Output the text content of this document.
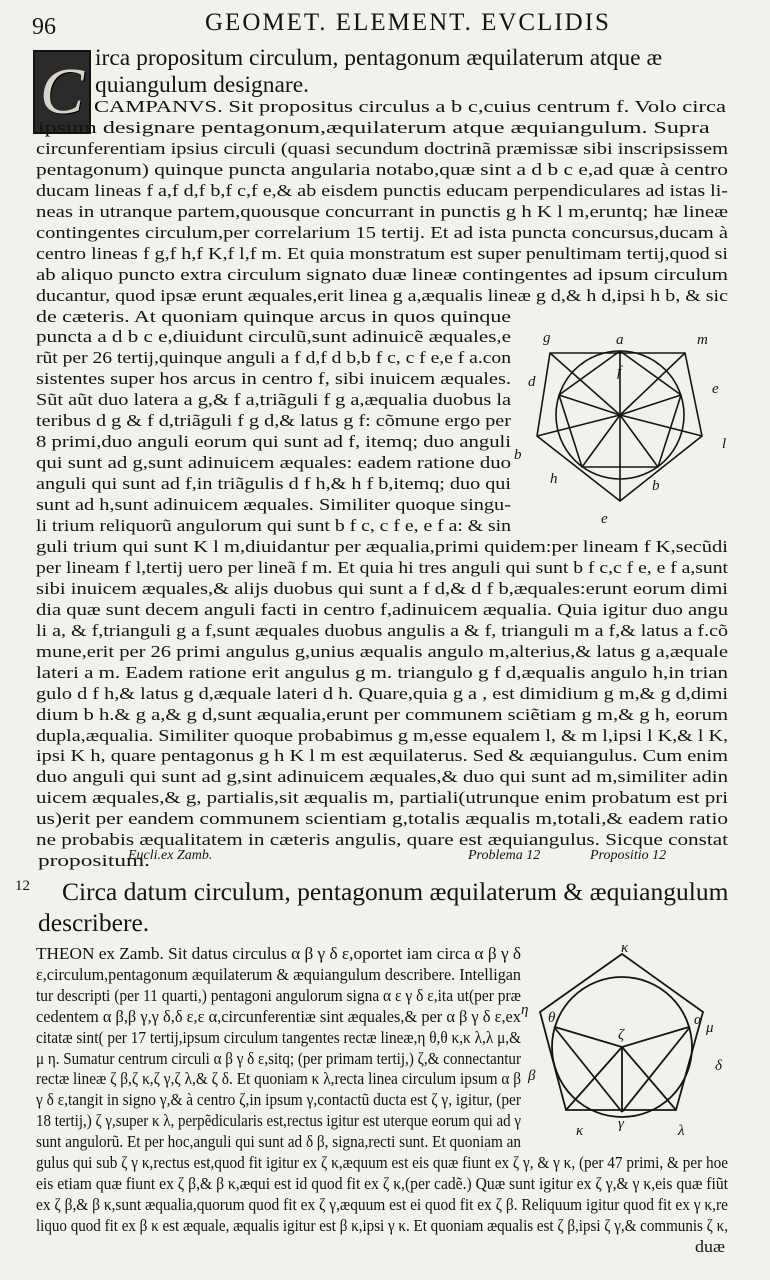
96	GEOMET. ELEMENT. EVCLIDIS
C irca propositum circulum, pentagonum æquilaterum atque æ
quiangulum designare.
CAMPANVS. Sit propositus circulus a b c,cuius centrum f. Volo circa
ipsum designare pentagonum,æquilaterum atque æquiangulum. Supra
circunferentiam ipsius circuli (quasi secundum doctrinã præmissæ sibi inscripsissem
pentagonum) quinque puncta angularia notabo,quæ sint a d b c e,ad quæ à centro
ducam lineas f a,f d,f b,f c,f e,& ab eisdem punctis educam perpendiculares ad istas li-
neas in utranque partem,quousque concurrant in punctis g h K l m,eruntq; hæ lineæ
contingentes circulum,per correlarium 15 tertij. Et ad ista puncta concursus,ducam à
centro lineas f g,f h,f K,f l,f m. Et quia monstratum est super penultimam tertij,quod si
ab aliquo puncto extra circulum signato duæ lineæ contingentes ad ipsum circulum
ducantur, quod ipsæ erunt æquales,erit linea g a,æqualis lineæ g d,& h d,ipsi h b, & sic
de cæteris. At quoniam quinque arcus in quos quinque
puncta a d b c e,diuidunt circulũ,sunt adinuicẽ æquales,e
rũt per 26 tertij,quinque anguli a f d,f d b,b f c, c f e,e f a.con
sistentes super hos arcus in centro f, sibi inuicem æquales.
Sũt aũt duo latera a g,& f a,triãguli f g a,æqualia duobus la
teribus d g & f d,triãguli f g d,& latus g f: cõmune ergo per
8 primi,duo anguli eorum qui sunt ad f, itemq; duo anguli
qui sunt ad g,sunt adinuicem æquales: eadem ratione duo
anguli qui sunt ad f,in triãgulis d f h,& h f b,itemq; duo qui
sunt ad h,sunt adinuicem æquales. Similiter quoque singu-
li trium reliquorũ angulorum qui sunt b f c, c f e, e f a: & sin
guli trium qui sunt K l m,diuidantur per æqualia,primi quidem:per lineam f K,secũdi
per lineam f l,tertij uero per lineã f m. Et quia hi tres anguli qui sunt b f c,c f e, e f a,sunt
sibi inuicem æquales,& alijs duobus qui sunt a f d,& d f b,æquales:erunt eorum dimi
dia quæ sunt decem anguli facti in centro f,adinuicem æqualia. Quia igitur duo angu
li a, & f,trianguli g a f,sunt æquales duobus angulis a & f, trianguli m a f,& latus a f.cõ
mune,erit per 26 primi angulus g,unius æqualis angulo m,alterius,& latus g a,æquale
lateri a m. Eadem ratione erit angulus g m. triangulo g f d,æqualis angulo h,in trian
gulo d f h,& latus g d,æquale lateri d h. Quare,quia g a , est dimidium g m,& g d,dimi
dium b h.& g a,& g d,sunt æqualia,erunt per communem sciẽtiam g m,& g h, eorum
dupla,æqualia. Similiter quoque probabimus g m,esse equalem l, & m l,ipsi l K,& l K,
ipsi K h, quare pentagonus g h K l m est æquilaterus. Sed & æquiangulus. Cum enim
duo anguli qui sunt ad g,sint adinuicem æquales,& duo qui sunt ad m,similiter adin
uicem æquales,& g, partialis,sit æqualis m, partiali(utrunque enim probatum est pri
us)erit per eandem communem scientiam g,totalis æqualis m,totali,& eadem ratio
ne probabis æqualitatem in cæteris angulis, quare est æquiangulus. Sicque constat
propositum.
a	m
g
f
d	e
l
b
h	b
e
Problema 12
Eucli.ex Zamb.	Propositio 12
12 Circa datum circulum, pentagonum æquilaterum & æquiangulum
describere.
THEON ex Zamb. Sit datus circulus α β γ δ ε,oportet iam circa α β γ δ
ε,circulum,pentagonum æquilaterum & æquiangulum describere. Intelligan
tur descripti (per 11 quarti,) pentagoni angulorum signa α ε γ δ ε,ita ut(per præ
cedentem α β,β γ,γ δ,δ ε,ε α,circunferentiæ sint æquales,& per α β γ δ ε,ex
citatæ sint( per 17 tertij,ipsum circulum tangentes rectæ lineæ,η θ,θ κ,κ λ,λ μ,&
μ η. Sumatur centrum circuli α β γ δ ε,sitq; (per primam tertij,) ζ,& connectantur
rectæ lineæ ζ β,ζ κ,ζ γ,ζ λ,& ζ δ. Et quoniam κ λ,recta linea circulum ipsum α β
γ δ ε,tangit in signo γ,& à centro ζ,in ipsum γ,contactũ ducta est ζ γ, igitur, (per
18 tertij,) ζ γ,super κ λ, perpẽdicularis est,rectus igitur est uterque eorum qui ad γ
sunt angulorũ. Et per hoc,anguli qui sunt ad δ β, signa,recti sunt. Et quoniam an
gulus qui sub ζ γ κ,rectus est,quod fit igitur ex ζ κ,æquum est eis quæ fiunt ex ζ γ, & γ κ, (per 47 primi, & per hoe
eis etiam quæ fiunt ex ζ β,& β κ,æqui est id quod fit ex ζ κ,(per cadẽ.) Quæ sunt igitur ex ζ γ,& γ κ,eis quæ fiũt
ex ζ β,& β κ,sunt æqualia,quorum quod fit ex ζ γ,æquum est ei quod fit ex ζ β. Reliquum igitur quod fit ex γ κ,re
liquo quod fit ex β κ est æquale, æqualis igitur est β κ,ipsi γ κ. Et quoniam æqualis est ζ β,ipsi ζ γ,& communis ζ κ,
duæ
κ
θ
β
ζ
α μ
δ
κ γ	λ
η
